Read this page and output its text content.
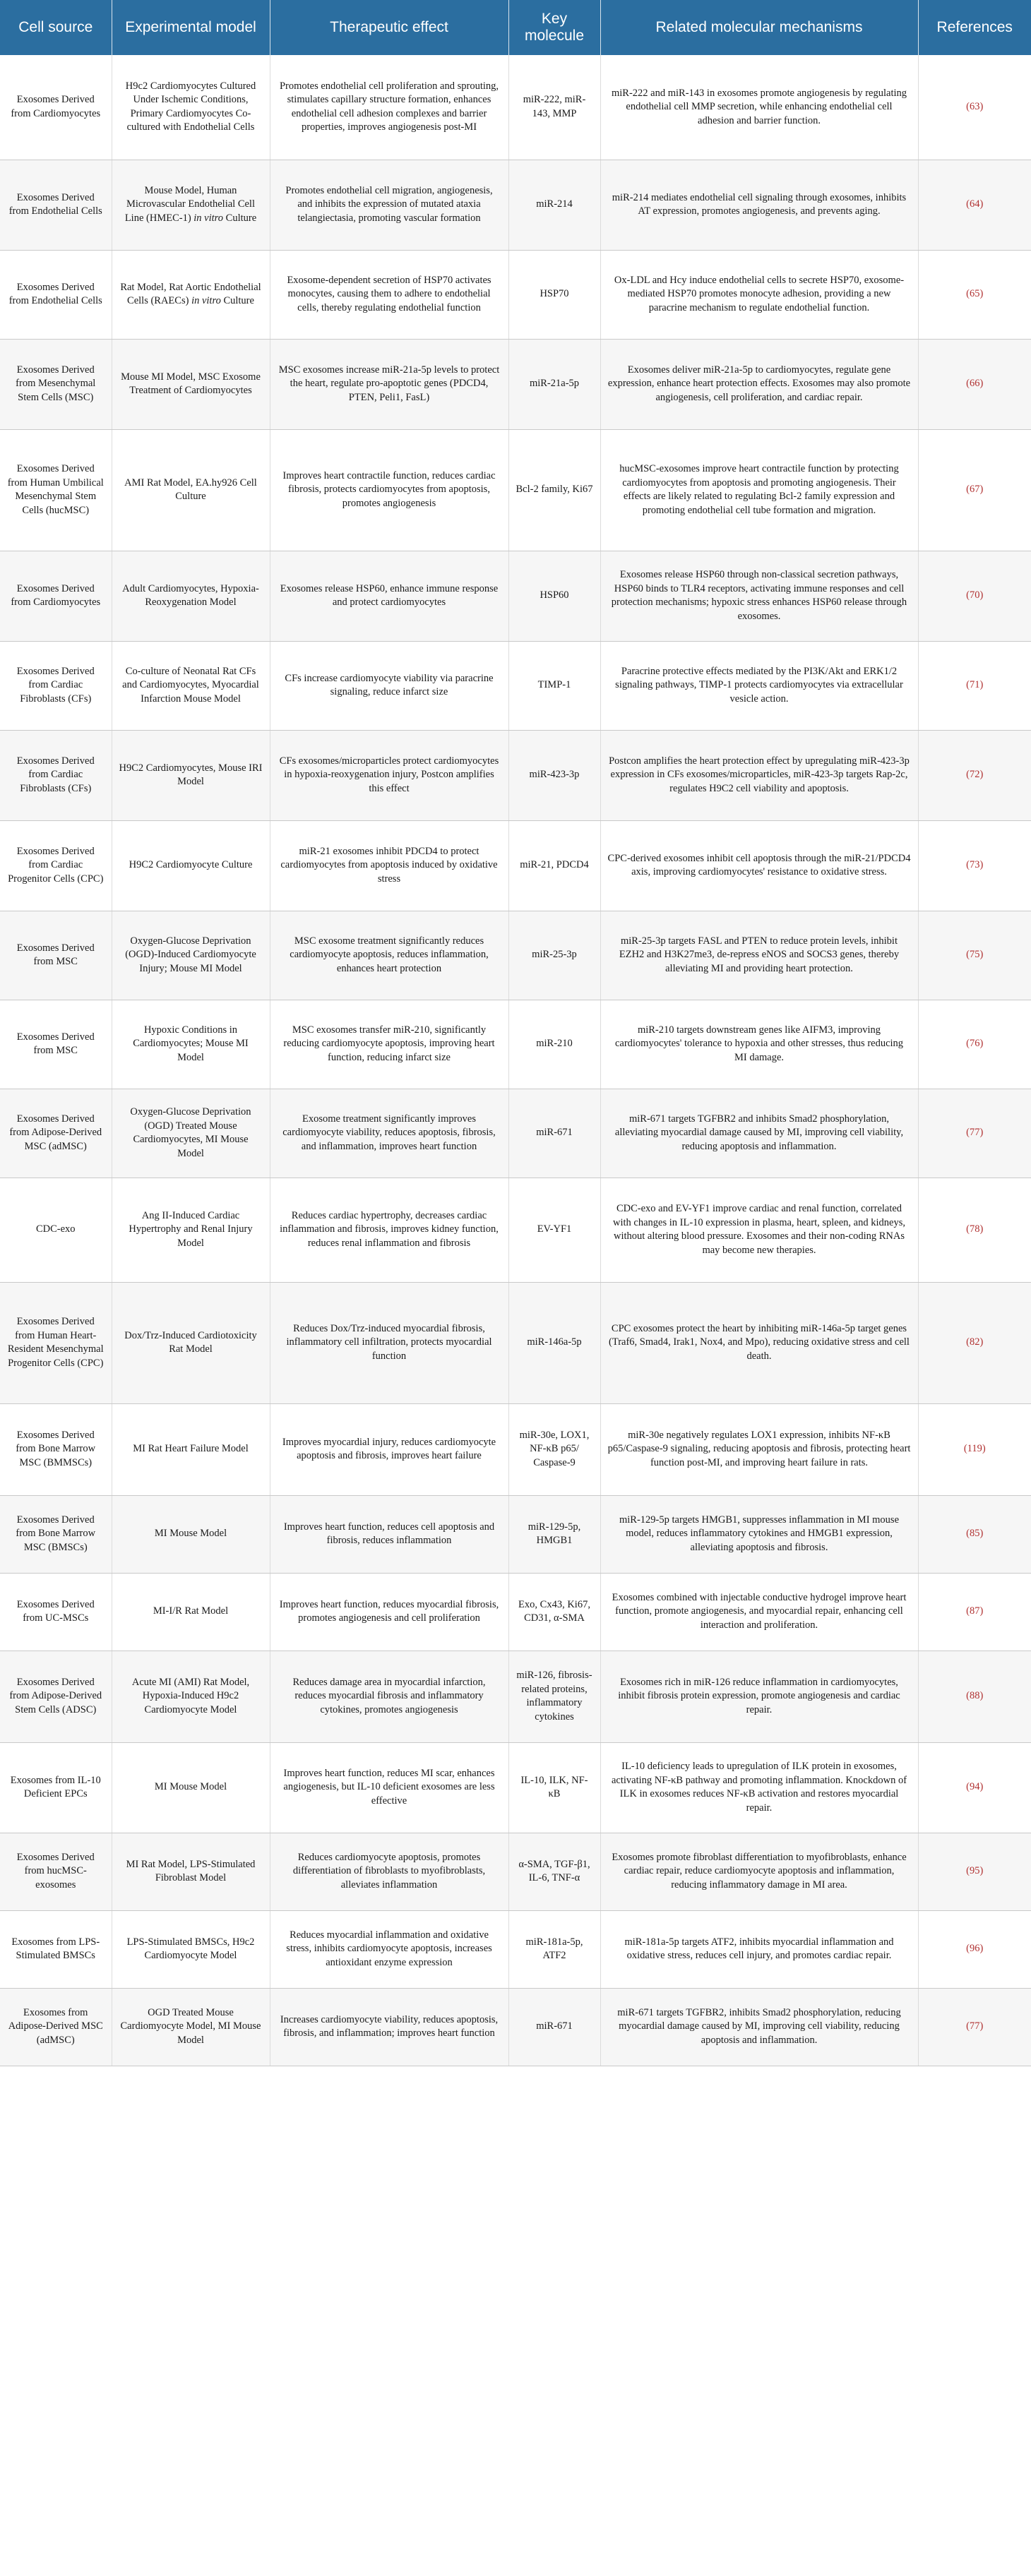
Cell source	Experimental model	Therapeutic effect	Key molecule	Related molecular mechanisms	References
Exosomes Derived from Cardiomyocytes	H9c2 Cardiomyocytes Cultured Under Ischemic Conditions, Primary Cardiomyocytes Co-cultured with Endothelial Cells	Promotes endothelial cell proliferation and sprouting, stimulates capillary structure formation, enhances endothelial cell adhesion complexes and barrier properties, improves angiogenesis post-MI	miR-222, miR-143, MMP	miR-222 and miR-143 in exosomes promote angiogenesis by regulating endothelial cell MMP secretion, while enhancing endothelial cell adhesion and barrier function.	(63)
Exosomes Derived from Endothelial Cells	Mouse Model, Human Microvascular Endothelial Cell Line (HMEC-1) in vitro Culture	Promotes endothelial cell migration, angiogenesis, and inhibits the expression of mutated ataxia telangiectasia, promoting vascular formation	miR-214	miR-214 mediates endothelial cell signaling through exosomes, inhibits AT expression, promotes angiogenesis, and prevents aging.	(64)
Exosomes Derived from Endothelial Cells	Rat Model, Rat Aortic Endothelial Cells (RAECs) in vitro Culture	Exosome-dependent secretion of HSP70 activates monocytes, causing them to adhere to endothelial cells, thereby regulating endothelial function	HSP70	Ox-LDL and Hcy induce endothelial cells to secrete HSP70, exosome-mediated HSP70 promotes monocyte adhesion, providing a new paracrine mechanism to regulate endothelial function.	(65)
Exosomes Derived from Mesenchymal Stem Cells (MSC)	Mouse MI Model, MSC Exosome Treatment of Cardiomyocytes	MSC exosomes increase miR-21a-5p levels to protect the heart, regulate pro-apoptotic genes (PDCD4, PTEN, Peli1, FasL)	miR-21a-5p	Exosomes deliver miR-21a-5p to cardiomyocytes, regulate gene expression, enhance heart protection effects. Exosomes may also promote angiogenesis, cell proliferation, and cardiac repair.	(66)
Exosomes Derived from Human Umbilical Mesenchymal Stem Cells (hucMSC)	AMI Rat Model, EA.hy926 Cell Culture	Improves heart contractile function, reduces cardiac fibrosis, protects cardiomyocytes from apoptosis, promotes angiogenesis	Bcl-2 family, Ki67	hucMSC-exosomes improve heart contractile function by protecting cardiomyocytes from apoptosis and promoting angiogenesis. Their effects are likely related to regulating Bcl-2 family expression and promoting endothelial cell tube formation and migration.	(67)
Exosomes Derived from Cardiomyocytes	Adult Cardiomyocytes, Hypoxia-Reoxygenation Model	Exosomes release HSP60, enhance immune response and protect cardiomyocytes	HSP60	Exosomes release HSP60 through non-classical secretion pathways, HSP60 binds to TLR4 receptors, activating immune responses and cell protection mechanisms; hypoxic stress enhances HSP60 release through exosomes.	(70)
Exosomes Derived from Cardiac Fibroblasts (CFs)	Co-culture of Neonatal Rat CFs and Cardiomyocytes, Myocardial Infarction Mouse Model	CFs increase cardiomyocyte viability via paracrine signaling, reduce infarct size	TIMP-1	Paracrine protective effects mediated by the PI3K/Akt and ERK1/2 signaling pathways, TIMP-1 protects cardiomyocytes via extracellular vesicle action.	(71)
Exosomes Derived from Cardiac Fibroblasts (CFs)	H9C2 Cardiomyocytes, Mouse IRI Model	CFs exosomes/microparticles protect cardiomyocytes in hypoxia-reoxygenation injury, Postcon amplifies this effect	miR-423-3p	Postcon amplifies the heart protection effect by upregulating miR-423-3p expression in CFs exosomes/microparticles, miR-423-3p targets Rap-2c, regulates H9C2 cell viability and apoptosis.	(72)
Exosomes Derived from Cardiac Progenitor Cells (CPC)	H9C2 Cardiomyocyte Culture	miR-21 exosomes inhibit PDCD4 to protect cardiomyocytes from apoptosis induced by oxidative stress	miR-21, PDCD4	CPC-derived exosomes inhibit cell apoptosis through the miR-21/PDCD4 axis, improving cardiomyocytes' resistance to oxidative stress.	(73)
Exosomes Derived from MSC	Oxygen-Glucose Deprivation (OGD)-Induced Cardiomyocyte Injury; Mouse MI Model	MSC exosome treatment significantly reduces cardiomyocyte apoptosis, reduces inflammation, enhances heart protection	miR-25-3p	miR-25-3p targets FASL and PTEN to reduce protein levels, inhibit EZH2 and H3K27me3, de-repress eNOS and SOCS3 genes, thereby alleviating MI and providing heart protection.	(75)
Exosomes Derived from MSC	Hypoxic Conditions in Cardiomyocytes; Mouse MI Model	MSC exosomes transfer miR-210, significantly reducing cardiomyocyte apoptosis, improving heart function, reducing infarct size	miR-210	miR-210 targets downstream genes like AIFM3, improving cardiomyocytes' tolerance to hypoxia and other stresses, thus reducing MI damage.	(76)
Exosomes Derived from Adipose-Derived MSC (adMSC)	Oxygen-Glucose Deprivation (OGD) Treated Mouse Cardiomyocytes, MI Mouse Model	Exosome treatment significantly improves cardiomyocyte viability, reduces apoptosis, fibrosis, and inflammation, improves heart function	miR-671	miR-671 targets TGFBR2 and inhibits Smad2 phosphorylation, alleviating myocardial damage caused by MI, improving cell viability, reducing apoptosis and inflammation.	(77)
CDC-exo	Ang II-Induced Cardiac Hypertrophy and Renal Injury Model	Reduces cardiac hypertrophy, decreases cardiac inflammation and fibrosis, improves kidney function, reduces renal inflammation and fibrosis	EV-YF1	CDC-exo and EV-YF1 improve cardiac and renal function, correlated with changes in IL-10 expression in plasma, heart, spleen, and kidneys, without altering blood pressure. Exosomes and their non-coding RNAs may become new therapies.	(78)
Exosomes Derived from Human Heart-Resident Mesenchymal Progenitor Cells (CPC)	Dox/Trz-Induced Cardiotoxicity Rat Model	Reduces Dox/Trz-induced myocardial fibrosis, inflammatory cell infiltration, protects myocardial function	miR-146a-5p	CPC exosomes protect the heart by inhibiting miR-146a-5p target genes (Traf6, Smad4, Irak1, Nox4, and Mpo), reducing oxidative stress and cell death.	(82)
Exosomes Derived from Bone Marrow MSC (BMMSCs)	MI Rat Heart Failure Model	Improves myocardial injury, reduces cardiomyocyte apoptosis and fibrosis, improves heart failure	miR-30e, LOX1, NF-κB p65/ Caspase-9	miR-30e negatively regulates LOX1 expression, inhibits NF-κB p65/Caspase-9 signaling, reducing apoptosis and fibrosis, protecting heart function post-MI, and improving heart failure in rats.	(119)
Exosomes Derived from Bone Marrow MSC (BMSCs)	MI Mouse Model	Improves heart function, reduces cell apoptosis and fibrosis, reduces inflammation	miR-129-5p, HMGB1	miR-129-5p targets HMGB1, suppresses inflammation in MI mouse model, reduces inflammatory cytokines and HMGB1 expression, alleviating apoptosis and fibrosis.	(85)
Exosomes Derived from UC-MSCs	MI-I/R Rat Model	Improves heart function, reduces myocardial fibrosis, promotes angiogenesis and cell proliferation	Exo, Cx43, Ki67, CD31, α-SMA	Exosomes combined with injectable conductive hydrogel improve heart function, promote angiogenesis, and myocardial repair, enhancing cell interaction and proliferation.	(87)
Exosomes Derived from Adipose-Derived Stem Cells (ADSC)	Acute MI (AMI) Rat Model, Hypoxia-Induced H9c2 Cardiomyocyte Model	Reduces damage area in myocardial infarction, reduces myocardial fibrosis and inflammatory cytokines, promotes angiogenesis	miR-126, fibrosis-related proteins, inflammatory cytokines	Exosomes rich in miR-126 reduce inflammation in cardiomyocytes, inhibit fibrosis protein expression, promote angiogenesis and cardiac repair.	(88)
Exosomes from IL-10 Deficient EPCs	MI Mouse Model	Improves heart function, reduces MI scar, enhances angiogenesis, but IL-10 deficient exosomes are less effective	IL-10, ILK, NF-κB	IL-10 deficiency leads to upregulation of ILK protein in exosomes, activating NF-κB pathway and promoting inflammation. Knockdown of ILK in exosomes reduces NF-κB activation and restores myocardial repair.	(94)
Exosomes Derived from hucMSC-exosomes	MI Rat Model, LPS-Stimulated Fibroblast Model	Reduces cardiomyocyte apoptosis, promotes differentiation of fibroblasts to myofibroblasts, alleviates inflammation	α-SMA, TGF-β1, IL-6, TNF-α	Exosomes promote fibroblast differentiation to myofibroblasts, enhance cardiac repair, reduce cardiomyocyte apoptosis and inflammation, reducing inflammatory damage in MI area.	(95)
Exosomes from LPS-Stimulated BMSCs	LPS-Stimulated BMSCs, H9c2 Cardiomyocyte Model	Reduces myocardial inflammation and oxidative stress, inhibits cardiomyocyte apoptosis, increases antioxidant enzyme expression	miR-181a-5p, ATF2	miR-181a-5p targets ATF2, inhibits myocardial inflammation and oxidative stress, reduces cell injury, and promotes cardiac repair.	(96)
Exosomes from Adipose-Derived MSC (adMSC)	OGD Treated Mouse Cardiomyocyte Model, MI Mouse Model	Increases cardiomyocyte viability, reduces apoptosis, fibrosis, and inflammation; improves heart function	miR-671	miR-671 targets TGFBR2, inhibits Smad2 phosphorylation, reducing myocardial damage caused by MI, improving cell viability, reducing apoptosis and inflammation.	(77)
